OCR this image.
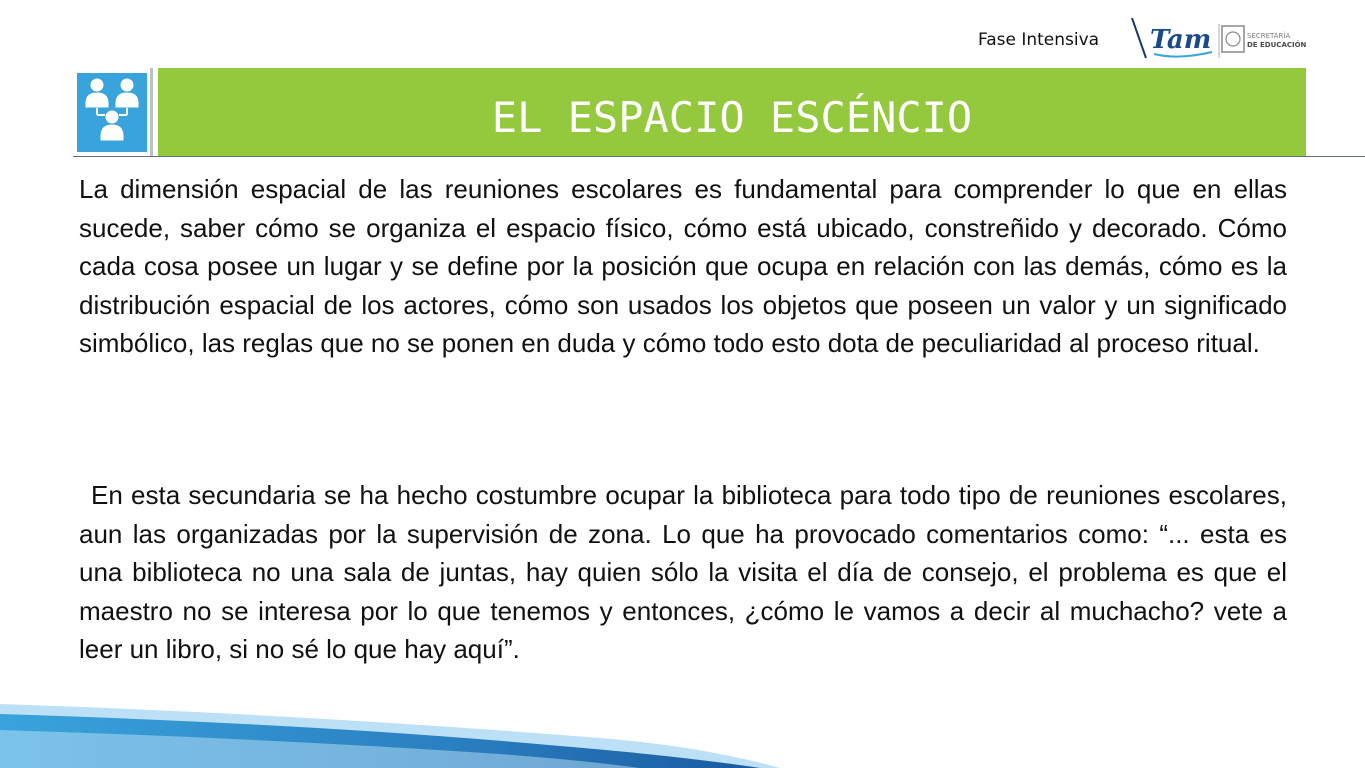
Fase Intensiva Tam	SECRETARÍA
DE EDUCACIÓN
EL ESPACIO ESCÉNCIO

La dimensión espacial de las reuniones escolares es fundamental para comprender lo que en ellas sucede, saber cómo se organiza el espacio físico, cómo está ubicado, constreñido y decorado. Cómo cada cosa posee un lugar y se define por la posición que ocupa en relación con las demás, cómo es la distribución espacial de los actores, cómo son usados los objetos que poseen un valor y un significado simbólico, las reglas que no se ponen en duda y cómo todo esto dota de peculiaridad al proceso ritual.

En esta secundaria se ha hecho costumbre ocupar la biblioteca para todo tipo de reuniones escolares, aun las organizadas por la supervisión de zona. Lo que ha provocado comentarios como: “... esta es una biblioteca no una sala de juntas, hay quien sólo la visita el día de consejo, el problema es que el maestro no se interesa por lo que tenemos y entonces, ¿cómo le vamos a decir al muchacho? vete a leer un libro, si no sé lo que hay aquí”.
